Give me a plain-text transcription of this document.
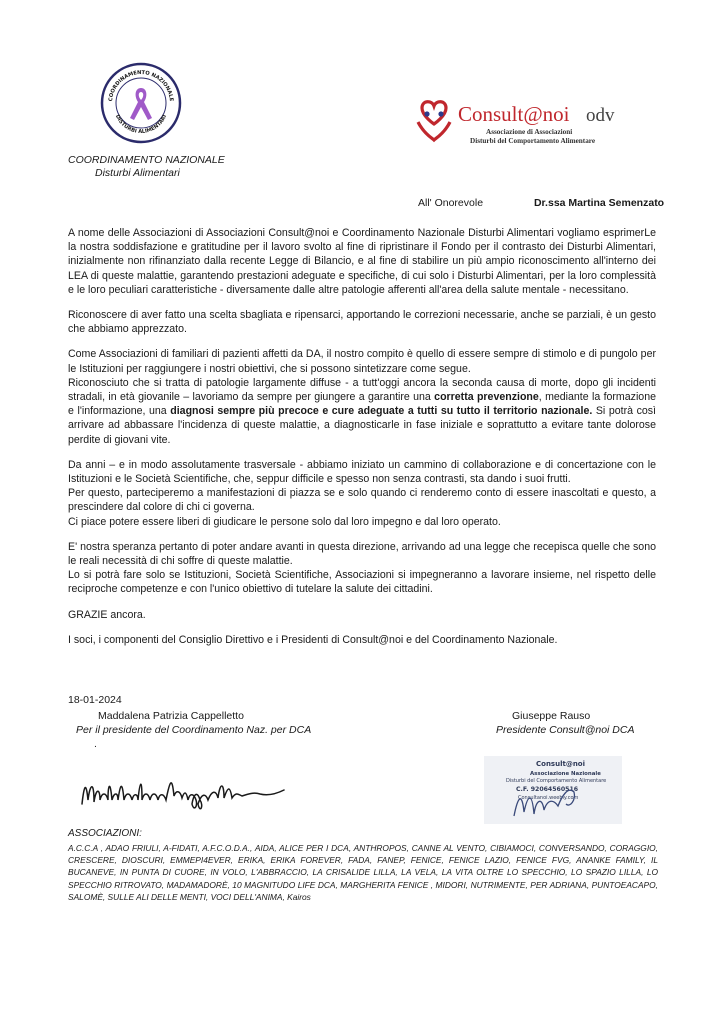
COORDINAMENTO NAZIONALE
DISTURBI ALIMENTARI
COORDINAMENTO NAZIONALE
Disturbi Alimentari
Consult@noi odv
Associazione di Associazioni
Disturbi del Comportamento Alimentare
All' Onorevole	Dr.ssa Martina Semenzato

A nome delle Associazioni di Associazioni Consult@noi e Coordinamento Nazionale Disturbi Alimentari vogliamo esprimerLe la nostra soddisfazione e gratitudine per il lavoro svolto al fine di ripristinare il Fondo per il contrasto dei Disturbi Alimentari, inizialmente non rifinanziato dalla recente Legge di Bilancio, e al fine di stabilire un più ampio riconoscimento all'interno dei LEA di queste malattie, garantendo prestazioni adeguate e specifiche, di cui solo i Disturbi Alimentari, per la loro complessità e le loro peculiari caratteristiche - diversamente dalle altre patologie afferenti all'area della salute mentale - necessitano.

Riconoscere di aver fatto una scelta sbagliata e ripensarci, apportando le correzioni necessarie, anche se parziali, è un gesto che abbiamo apprezzato.

Come Associazioni di familiari di pazienti affetti da DA, il nostro compito è quello di essere sempre di stimolo e di pungolo per le Istituzioni per raggiungere i nostri obiettivi, che si possono sintetizzare come segue.

Riconosciuto che si tratta di patologie largamente diffuse - a tutt'oggi ancora la seconda causa di morte, dopo gli incidenti stradali, in età giovanile – lavoriamo da sempre per giungere a garantire una corretta prevenzione, mediante la formazione e l'informazione, una diagnosi sempre più precoce e cure adeguate a tutti su tutto il territorio nazionale. Si potrà così arrivare ad abbassare l'incidenza di queste malattie, a diagnosticarle in fase iniziale e soprattutto a evitare tante dolorose perdite di giovani vite.

Da anni – e in modo assolutamente trasversale - abbiamo iniziato un cammino di collaborazione e di concertazione con le Istituzioni e le Società Scientifiche, che, seppur difficile e spesso non senza contrasti, sta dando i suoi frutti.

Per questo, parteciperemo a manifestazioni di piazza se e solo quando ci renderemo conto di essere inascoltati e questo, a prescindere dal colore di chi ci governa.

Ci piace potere essere liberi di giudicare le persone solo dal loro impegno e dal loro operato.

E' nostra speranza pertanto di poter andare avanti in questa direzione, arrivando ad una legge che recepisca quelle che sono le reali necessità di chi soffre di queste malattie.

Lo si potrà fare solo se Istituzioni, Società Scientifiche, Associazioni si impegneranno a lavorare insieme, nel rispetto delle reciproche competenze e con l'unico obiettivo di tutelare la salute dei cittadini.

GRAZIE ancora.

I soci, i componenti del Consiglio Direttivo e i Presidenti di Consult@noi e del Coordinamento Nazionale.

18-01-2024
Maddalena Patrizia Cappelletto
Per il presidente del Coordinamento Naz. per DCA
.
Giuseppe Rauso
Presidente Consult@noi DCA
Consult@noi
Associazione Nazionale
Disturbi del Comportamento Alimentare
C.F. 92064560516
Consultanoi.weebly.com
ASSOCIAZIONI:
A.C.C.A , ADAO FRIULI, A-FIDATI, A.F.C.O.D.A., AIDA, ALICE PER I DCA, ANTHROPOS, CANNE AL VENTO, CIBIAMOCI, CONVERSANDO, CORAGGIO, CRESCERE, DIOSCURI, EMMEPI4EVER, ERIKA, ERIKA FOREVER, FADA, FANEP, FENICE, FENICE LAZIO, FENICE FVG, ANANKE FAMILY, IL BUCANEVE, IN PUNTA DI CUORE, IN VOLO, L'ABBRACCIO, LA CRISALIDE LILLA, LA VELA, LA VITA OLTRE LO SPECCHIO, LO SPAZIO LILLA, LO SPECCHIO RITROVATO, MADAMADORÈ, 10 MAGNITUDO LIFE DCA, MARGHERITA FENICE , MIDORI, NUTRIMENTE, PER ADRIANA, PUNTOEACAPO, SALOMÈ, SULLE ALI DELLE MENTI, VOCI DELL'ANIMA, Kairos
